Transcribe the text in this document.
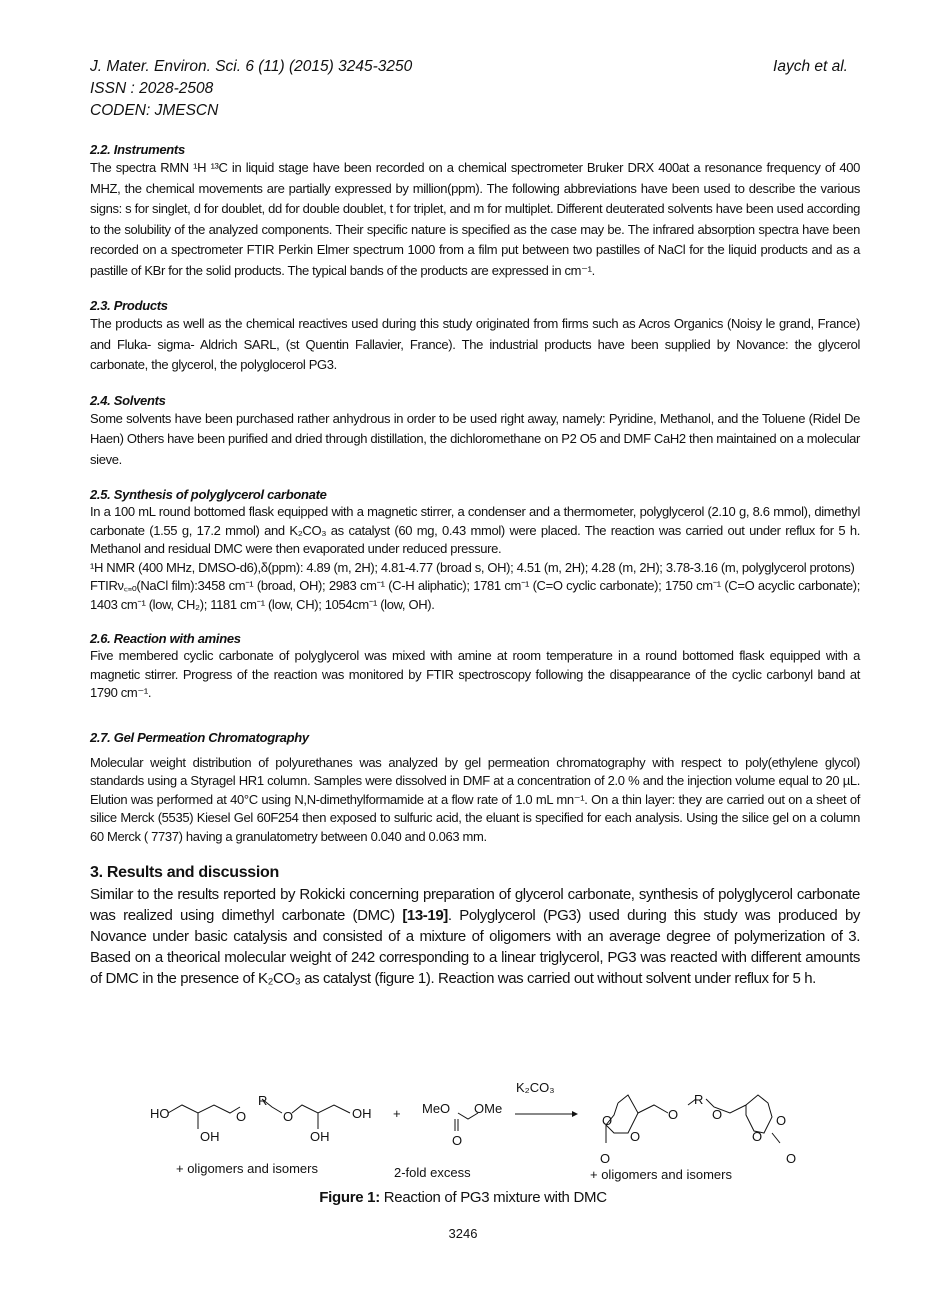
J. Mater. Environ. Sci. 6 (11) (2015) 3245-3250
ISSN : 2028-2508
CODEN: JMESCN
Iaych et al.
2.2. Instruments

The spectra RMN ¹H ¹³C in liquid stage have been recorded on a chemical spectrometer Bruker DRX 400at a resonance frequency of 400 MHZ, the chemical movements are partially expressed by million(ppm). The following abbreviations have been used to describe the various signs: s for singlet, d for doublet, dd for double doublet, t for triplet, and m for multiplet. Different deuterated solvents have been used according to the solubility of the analyzed components. Their specific nature is specified as the case may be. The infrared absorption spectra have been recorded on a spectrometer FTIR Perkin Elmer spectrum 1000 from a film put between two pastilles of NaCl for the liquid products and as a pastille of KBr for the solid products. The typical bands of the products are expressed in cm⁻¹.

2.3. Products

The products as well as the chemical reactives used during this study originated from firms such as Acros Organics (Noisy le grand, France) and Fluka- sigma- Aldrich SARL, (st Quentin Fallavier, France). The industrial products have been supplied by Novance: the glycerol carbonate, the glycerol, the polyglocerol PG3.

2.4. Solvents

Some solvents have been purchased rather anhydrous in order to be used right away, namely: Pyridine, Methanol, and the Toluene (Ridel De Haen) Others have been purified and dried through distillation, the dichloromethane on P2 O5 and DMF CaH2 then maintained on a molecular sieve.

2.5. Synthesis of polyglycerol carbonate

In a 100 mL round bottomed flask equipped with a magnetic stirrer, a condenser and a thermometer, polyglycerol (2.10 g, 8.6 mmol), dimethyl carbonate (1.55 g, 17.2 mmol) and K₂CO₃ as catalyst (60 mg, 0.43 mmol) were placed. The reaction was carried out under reflux for 5 h. Methanol and residual DMC were then evaporated under reduced pressure.

¹H NMR (400 MHz, DMSO-d6),δ(ppm): 4.89 (m, 2H); 4.81-4.77 (broad s, OH); 4.51 (m, 2H); 4.28 (m, 2H); 3.78-3.16 (m, polyglycerol protons)

FTIRν꜀₌ₒ(NaCl film):3458 cm⁻¹ (broad, OH); 2983 cm⁻¹ (C-H aliphatic); 1781 cm⁻¹ (C=O cyclic carbonate); 1750 cm⁻¹ (C=O acyclic carbonate); 1403 cm⁻¹ (low, CH₂); 1181 cm⁻¹ (low, CH); 1054cm⁻¹ (low, OH).

2.6. Reaction with amines

Five membered cyclic carbonate of polyglycerol was mixed with amine at room temperature in a round bottomed flask equipped with a magnetic stirrer. Progress of the reaction was monitored by FTIR spectroscopy following the disappearance of the cyclic carbonyl band at 1790 cm⁻¹.

2.7. Gel Permeation Chromatography

Molecular weight distribution of polyurethanes was analyzed by gel permeation chromatography with respect to poly(ethylene glycol) standards using a Styragel HR1 column. Samples were dissolved in DMF at a concentration of 2.0 % and the injection volume equal to 20 µL. Elution was performed at 40°C using N,N-dimethylformamide at a flow rate of 1.0 mL mn⁻¹. On a thin layer: they are carried out on a sheet of silice Merck (5535) Kiesel Gel 60F254 then exposed to sulfuric acid, the eluant is specified for each analysis. Using the silice gel on a column 60 Merck ( 7737) having a granulatometry between 0.040 and 0.063 mm.

3. Results and discussion

Similar to the results reported by Rokicki concerning preparation of glycerol carbonate, synthesis of polyglycerol carbonate was realized using dimethyl carbonate (DMC) [13-19]. Polyglycerol (PG3) used during this study was produced by Novance under basic catalysis and consisted of a mixture of oligomers with an average degree of polymerization of 3. Based on a theorical molecular weight of 242 corresponding to a linear triglycerol, PG3 was reacted with different amounts of DMC in the presence of K₂CO₃ as catalyst (figure 1). Reaction was carried out without solvent under reflux for 5 h.

HO
OH
O
R
O
OH
OH + MeO OMe
O
K₂CO₃
O
R
O
O
O
O
O
O
O
+ oligomers and isomers	2-fold excess	+ oligomers and isomers
Figure 1: Reaction of PG3 mixture with DMC
3246
